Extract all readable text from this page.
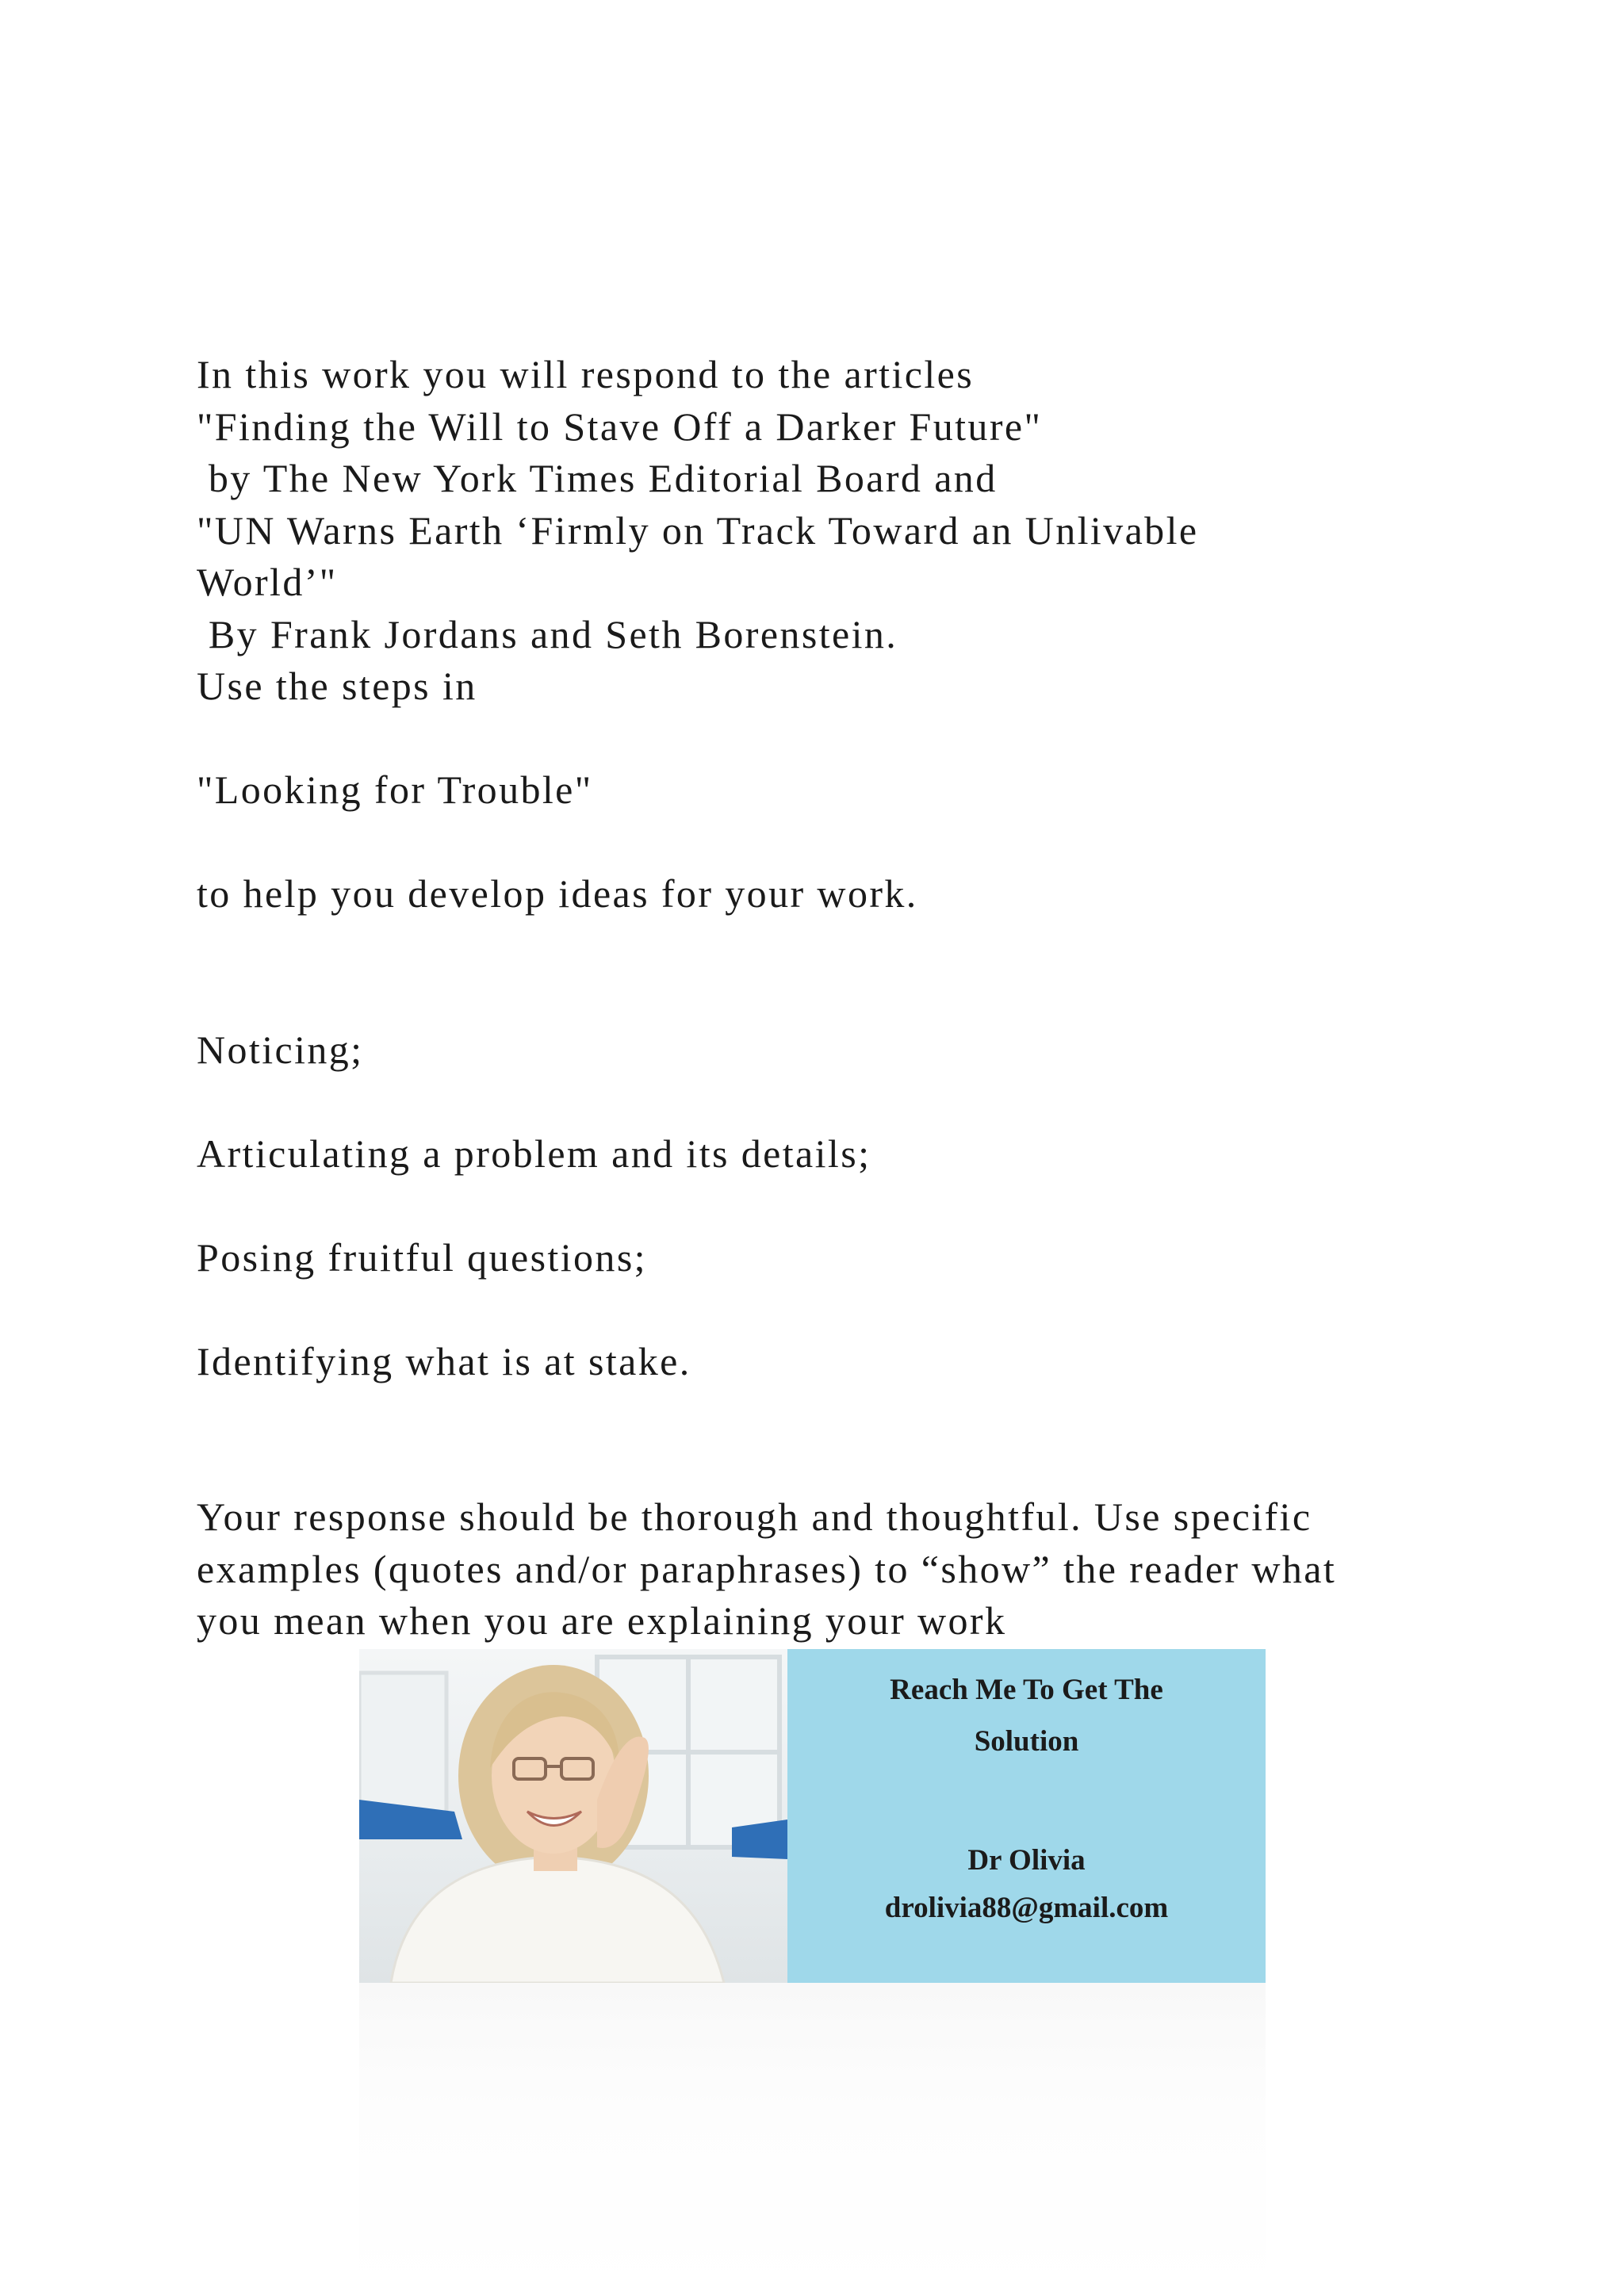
In this work you will respond to the articles
"Finding the Will to Stave Off a Darker Future"
by The New York Times Editorial Board and
"UN Warns Earth ‘Firmly on Track Toward an Unlivable
World’"
By Frank Jordans and Seth Borenstein.
Use the steps in
"Looking for Trouble"
to help you develop ideas for your work.
Noticing;
Articulating a problem and its details;
Posing fruitful questions;
Identifying what is at stake.
Your response should be thorough and thoughtful. Use specific
examples (quotes and/or paraphrases) to “show” the reader what
you mean when you are explaining your work
Reach Me To Get The
Solution
Dr Olivia
drolivia88@gmail.com
